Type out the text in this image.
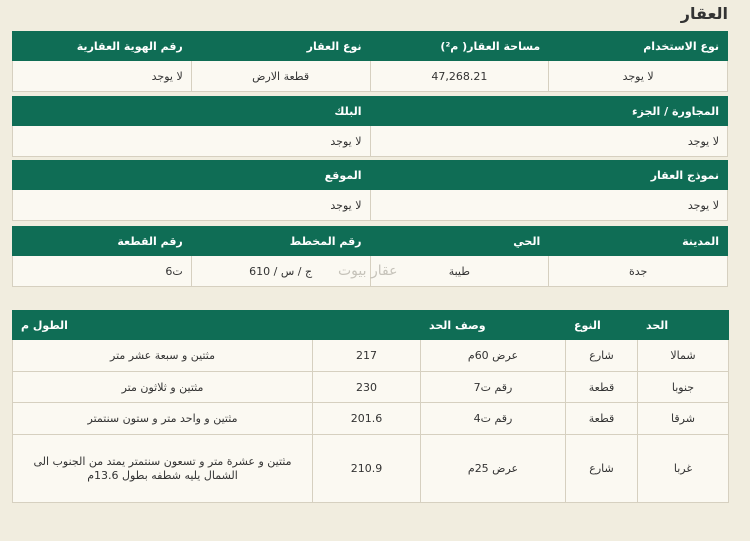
العقار
رقم الهوية العقارية	نوع العقار	مساحة العقار( م²)	نوع الاستخدام
لا يوجد	قطعة الارض	47,268.21	لا يوجد
البلك	المجاورة / الجزء
لا يوجد	لا يوجد
الموقع	نموذج العقار
لا يوجد	لا يوجد
رقم القطعة	رقم المخطط	الحي	المدينة
ت6	610 / ج / س	طيبة	جدة
عقار بيوت
الطول م		وصف الحد	النوع	الحد
مثتين و سبعة عشر متر	217	عرض 60م	شارع	شمالا
مثتين و ثلاثون متر	230	رقم ت7	قطعة	جنوبا
مثتين و واحد متر و ستون سنتمتر	201.6	رقم ت4	قطعة	شرقا
مثتين و عشرة متر و تسعون سنتمتر يمتد من الجنوب الى الشمال يليه شطفه بطول 13.6م	210.9	عرض 25م	شارع	غربا
